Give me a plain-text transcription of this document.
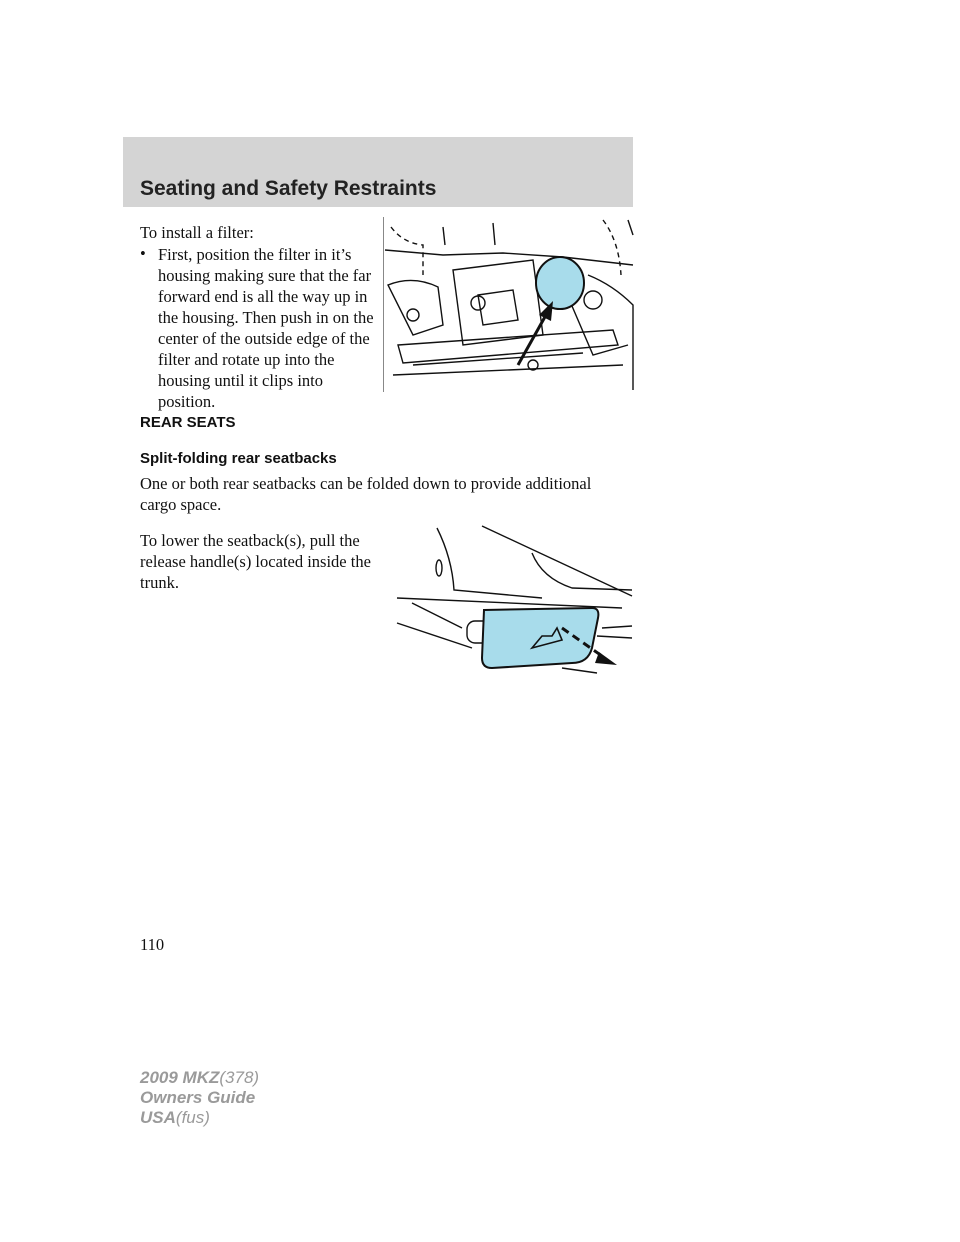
Seating and Safety Restraints
To install a filter:
• First, position the filter in it’s housing making sure that the far forward end is all the way up in the housing. Then push in on the center of the outside edge of the filter and rotate up into the housing until it clips into position.
REAR SEATS
Split-folding rear seatbacks
One or both rear seatbacks can be folded down to provide additional cargo space.
To lower the seatback(s), pull the release handle(s) located inside the trunk.
110
2009 MKZ(378)
Owners Guide
USA(fus)
